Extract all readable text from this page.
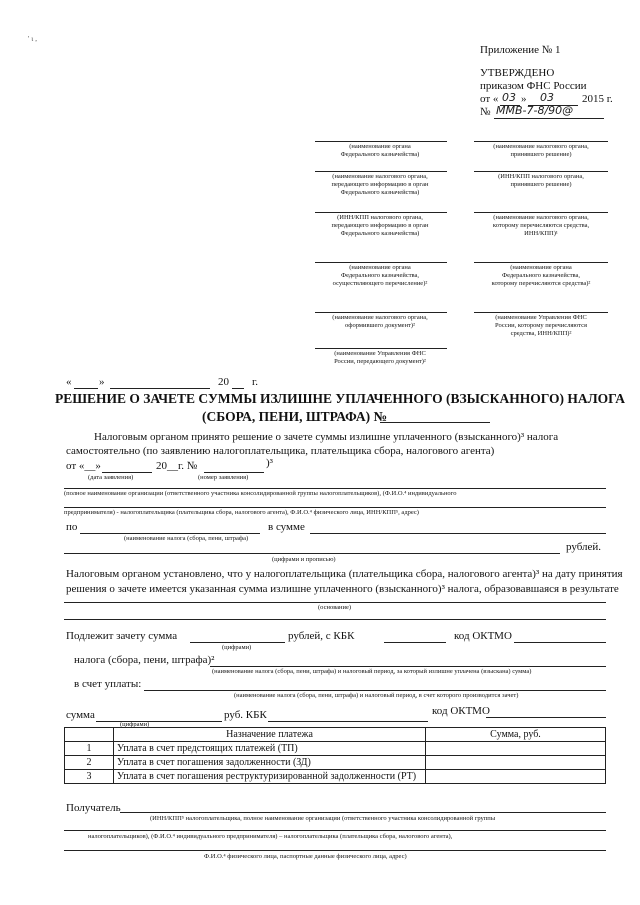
' ɩ ,
Приложение № 1
УТВЕРЖДЕНО
приказом ФНС России
от « 03 » 03	2015 г.
№ ММВ-7-8/90@
(наименование органа
Федерального казначейства)
(наименование налогового органа,
передающего информацию в орган
Федерального казначейства)
(ИНН/КПП налогового органа,
передающего информацию в орган
Федерального казначейства)
(наименование органа
Федерального казначейства,
осуществляющего перечисление)²
(наименование налогового органа,
оформившего документ)²
(наименование Управления ФНС
России, передающего документ)²
(наименование налогового органа,
принявшего решение)
(ИНН/КПП налогового органа,
принявшего решение)
(наименование налогового органа,
которому перечисляются средства,
ИНН/КПП)¹
(наименование органа
Федерального казначейства,
которому перечисляются средства)²
(наименование Управления ФНС
России, которому перечисляются
средства, ИНН/КПП)²
«	»	20 г.
РЕШЕНИЕ О ЗАЧЕТЕ СУММЫ ИЗЛИШНЕ УПЛАЧЕННОГО (ВЗЫСКАННОГО) НАЛОГА
(СБОРА, ПЕНИ, ШТРАФА) №
Налоговым органом принято решение о зачете суммы излишне уплаченного (взысканного)³ налога
самостоятельно (по заявлению налогоплательщика, плательщика сбора, налогового агента)
от «__»	20__г. №	)³
(дата заявления)	(номер заявления)
(полное наименование организации (ответственного участника консолидированной группы налогоплательщиков), (Ф.И.О.⁴ индивидуального
предпринимателя) - налогоплательщика (плательщика сбора, налогового агента), Ф.И.О.⁴ физического лица, ИНН/КПП⁵, адрес)
по	в сумме
(наименование налога (сбора, пени, штрафа)
рублей.
(цифрами и прописью)
Налоговым органом установлено, что у налогоплательщика (плательщика сбора, налогового агента)³ на дату принятия
решения о зачете имеется указанная сумма излишне уплаченного (взысканного)³ налога, образовавшаяся в результате
(основание)
Подлежит зачету сумма	рублей, с КБК	код ОКТМО
(цифрами)
налога (сбора, пени, штрафа)²
(наименование налога (сбора, пени, штрафа) и налоговый период, за который излишне уплачена (взыскана) сумма)
в счет уплаты:
(наименование налога (сбора, пени, штрафа) и налоговый период, в счет которого производится зачет)
сумма	руб. КБК	код ОКТМО
(цифрами)
	Назначение платежа	Сумма, руб.
1	Уплата в счет предстоящих платежей (ТП)	
2	Уплата в счет погашения задолженности (ЗД)	
3	Уплата в счет погашения реструктуризированной задолженности (РТ)	
Получатель
(ИНН/КПП⁵ налогоплательщика, полное наименование организации (ответственного участника консолидированной группы
налогоплательщиков), (Ф.И.О.⁴ индивидуального предпринимателя) – налогоплательщика (плательщика сбора, налогового агента),
Ф.И.О.⁴ физического лица, паспортные данные физического лица, адрес)
